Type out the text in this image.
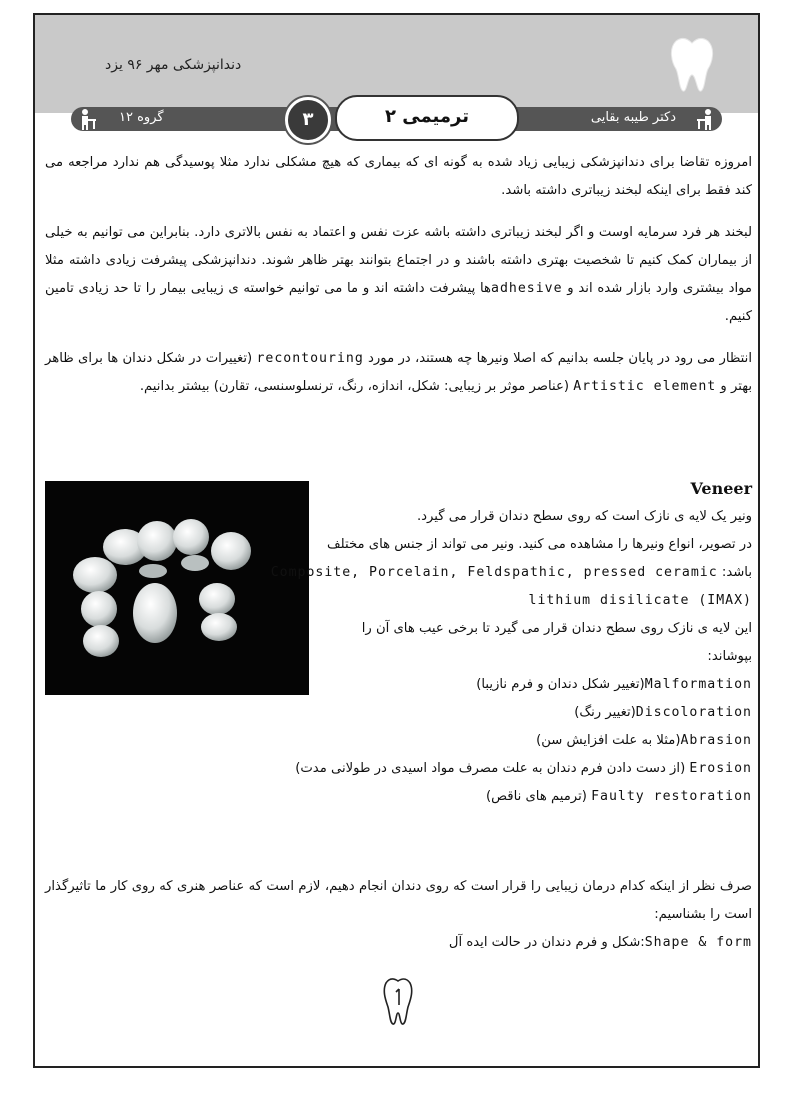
دندانپزشکی مهر ۹۶ یزد
دکتر طیبه بقایی
گروه ۱۲	۳	ترمیمی ۲

امروزه تقاضا برای دندانپزشکی زیبایی زیاد شده به گونه ای که بیماری که هیچ مشکلی ندارد مثلا پوسیدگی هم ندارد مراجعه می کند فقط برای اینکه لبخند زیباتری داشته باشد.

لبخند هر فرد سرمایه اوست و اگر لبخند زیباتری داشته باشه عزت نفس و اعتماد به نفس بالاتری دارد. بنابراین می توانیم به خیلی از بیماران کمک کنیم تا شخصیت بهتری داشته باشند و در اجتماع بتوانند بهتر ظاهر شوند. دندانپزشکی پیشرفت زیادی داشته مثلا مواد بیشتری وارد بازار شده اند و adhesiveها پیشرفت داشته اند و ما می توانیم خواسته ی زیبایی بیمار را تا حد زیادی تامین کنیم.

انتظار می رود در پایان جلسه بدانیم که اصلا ونیرها چه هستند، در مورد recontouring (تغییرات در شکل دندان ها برای ظاهر بهتر و Artistic element (عناصر موثر بر زیبایی: شکل، اندازه، رنگ، ترنسلوسنسی، تقارن) بیشتر بدانیم.

Veneer
ونیر یک لایه ی نازک است که روی سطح دندان قرار می گیرد.
در تصویر، انواع ونیرها را مشاهده می کنید. ونیر می تواند از جنس های مختلف
باشد: Composite, Porcelain, Feldspathic, pressed ceramic
lithium disilicate (IMAX)
این لایه ی نازک روی سطح دندان قرار می گیرد تا برخی عیب های آن را بپوشاند:
Malformation(تغییر شکل دندان و فرم نازیبا)
Discoloration(تغییر رنگ)
Abrasion(مثلا به علت افزایش سن)
Erosion (از دست دادن فرم دندان به علت مصرف مواد اسیدی در طولانی مدت)
Faulty restoration (ترمیم های ناقص)
صرف نظر از اینکه کدام درمان زیبایی را قرار است که روی دندان انجام دهیم، لازم است که عناصر هنری که روی کار ما تاثیرگذار است را بشناسیم:
Shape & form:شکل و فرم دندان در حالت ایده آل
